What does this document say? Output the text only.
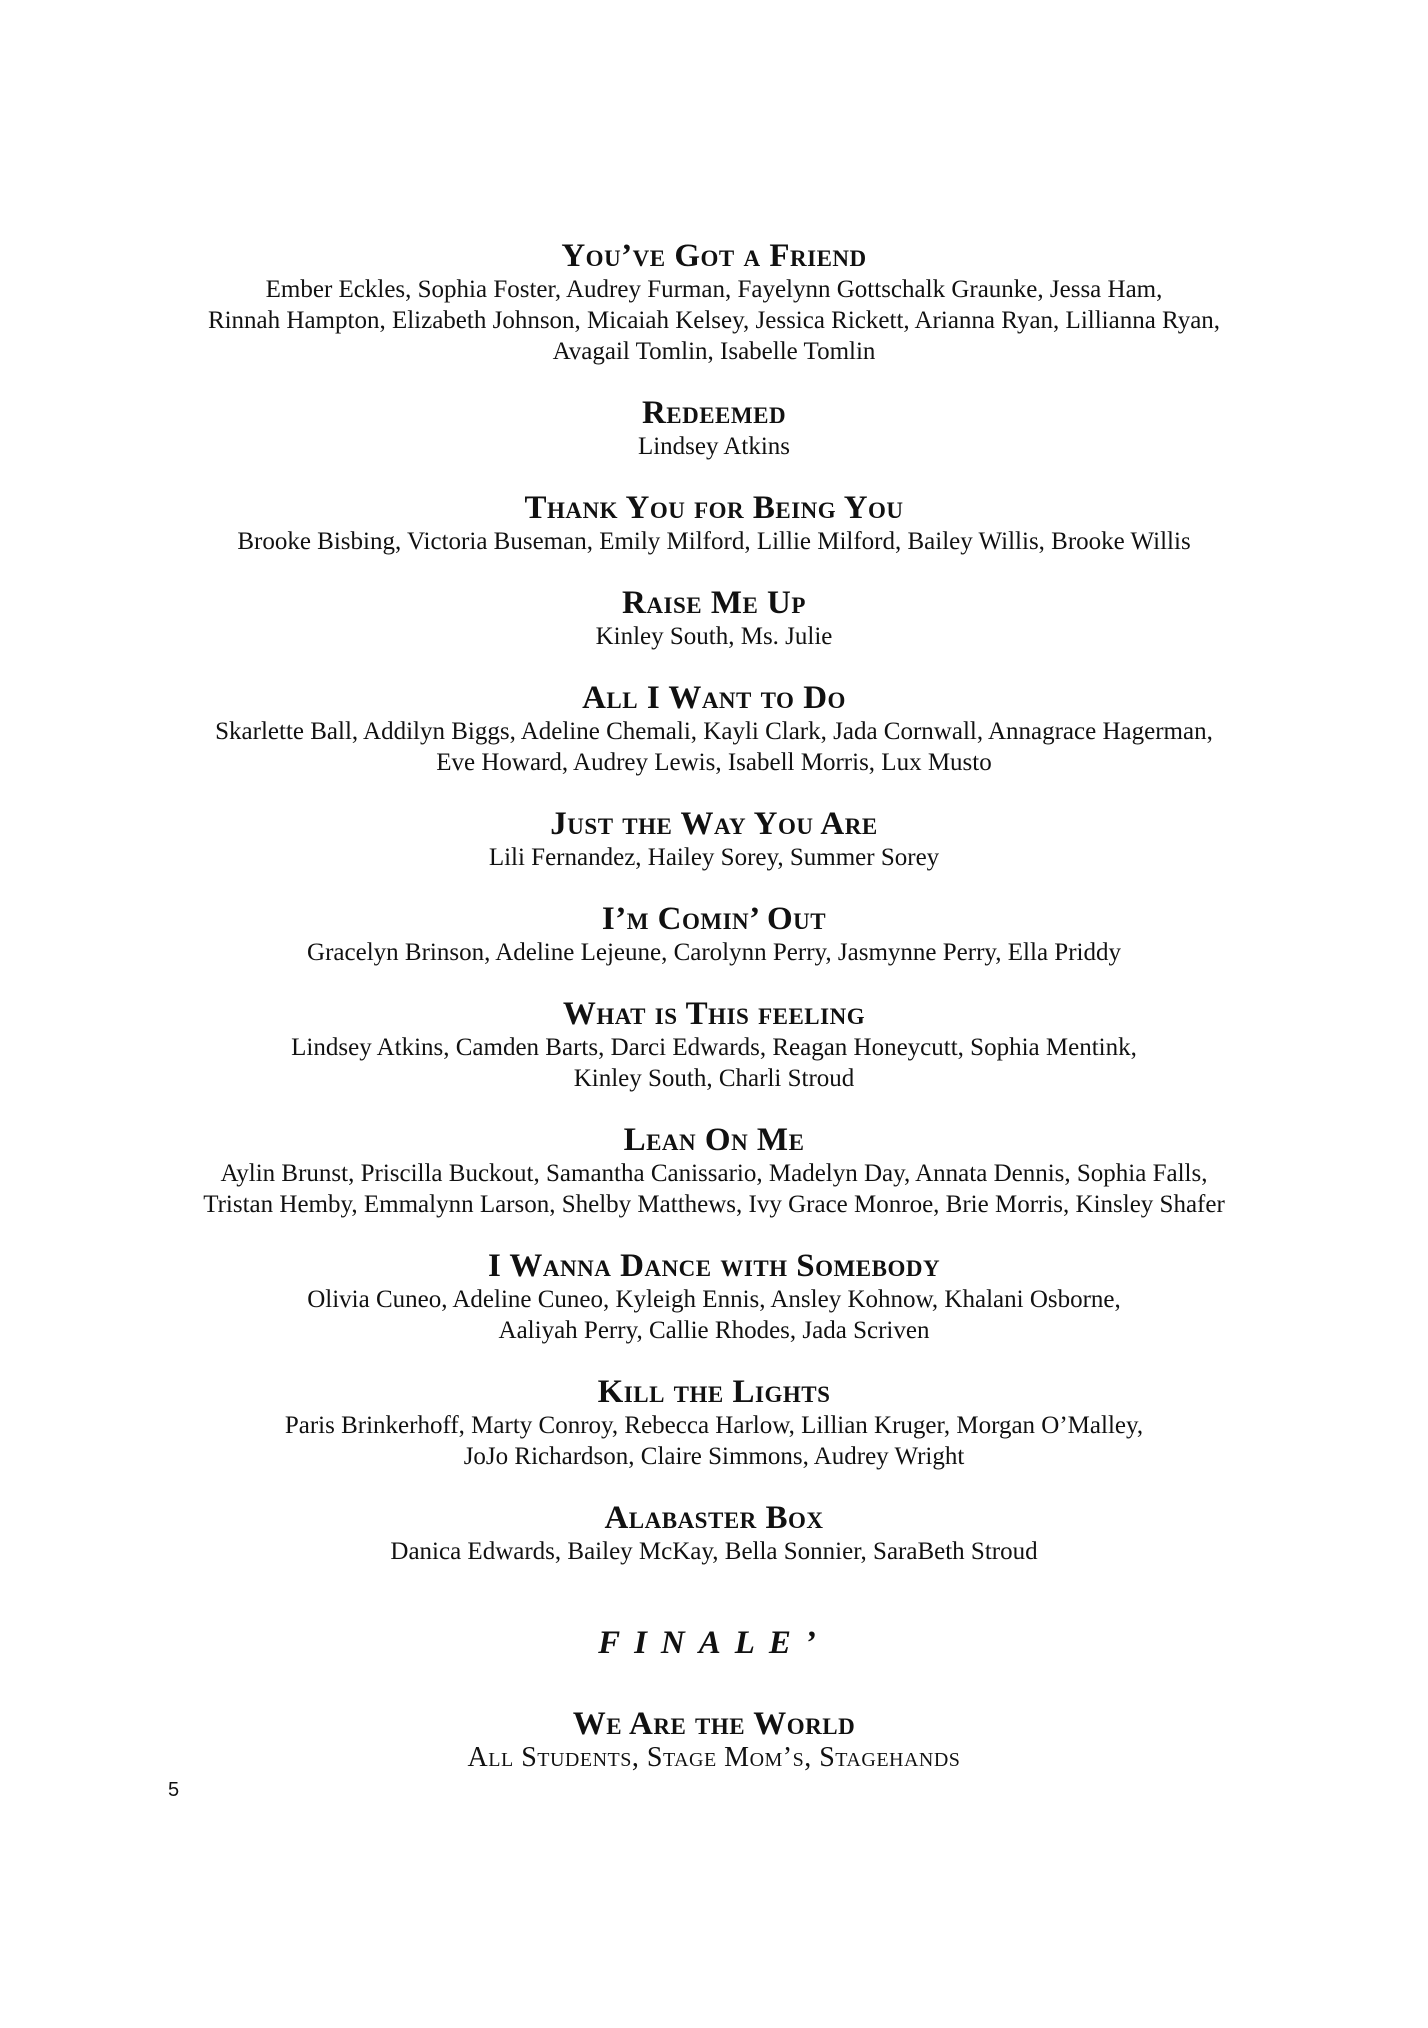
You’ve Got a Friend

Ember Eckles, Sophia Foster, Audrey Furman, Fayelynn Gottschalk Graunke, Jessa Ham,
Rinnah Hampton, Elizabeth Johnson, Micaiah Kelsey, Jessica Rickett, Arianna Ryan, Lillianna Ryan,
Avagail Tomlin, Isabelle Tomlin

Redeemed

Lindsey Atkins

Thank You for Being You

Brooke Bisbing, Victoria Buseman, Emily Milford, Lillie Milford, Bailey Willis, Brooke Willis

Raise Me Up

Kinley South, Ms. Julie

All I Want to Do

Skarlette Ball, Addilyn Biggs, Adeline Chemali, Kayli Clark, Jada Cornwall, Annagrace Hagerman,
Eve Howard, Audrey Lewis, Isabell Morris, Lux Musto

Just the Way You Are

Lili Fernandez, Hailey Sorey, Summer Sorey

I’m Comin’ Out

Gracelyn Brinson, Adeline Lejeune, Carolynn Perry, Jasmynne Perry, Ella Priddy

What is This feeling

Lindsey Atkins, Camden Barts, Darci Edwards, Reagan Honeycutt, Sophia Mentink,
Kinley South, Charli Stroud

Lean On Me

Aylin Brunst, Priscilla Buckout, Samantha Canissario, Madelyn Day, Annata Dennis, Sophia Falls,
Tristan Hemby, Emmalynn Larson, Shelby Matthews, Ivy Grace Monroe, Brie Morris, Kinsley Shafer

I Wanna Dance with Somebody

Olivia Cuneo, Adeline Cuneo, Kyleigh Ennis, Ansley Kohnow, Khalani Osborne,
Aaliyah Perry, Callie Rhodes, Jada Scriven

Kill the Lights

Paris Brinkerhoff, Marty Conroy, Rebecca Harlow, Lillian Kruger, Morgan O’Malley,
JoJo Richardson, Claire Simmons, Audrey Wright

Alabaster Box

Danica Edwards, Bailey McKay, Bella Sonnier, SaraBeth Stroud

FINALE’

We Are the World

All Students, Stage Mom’s, Stagehands

5
